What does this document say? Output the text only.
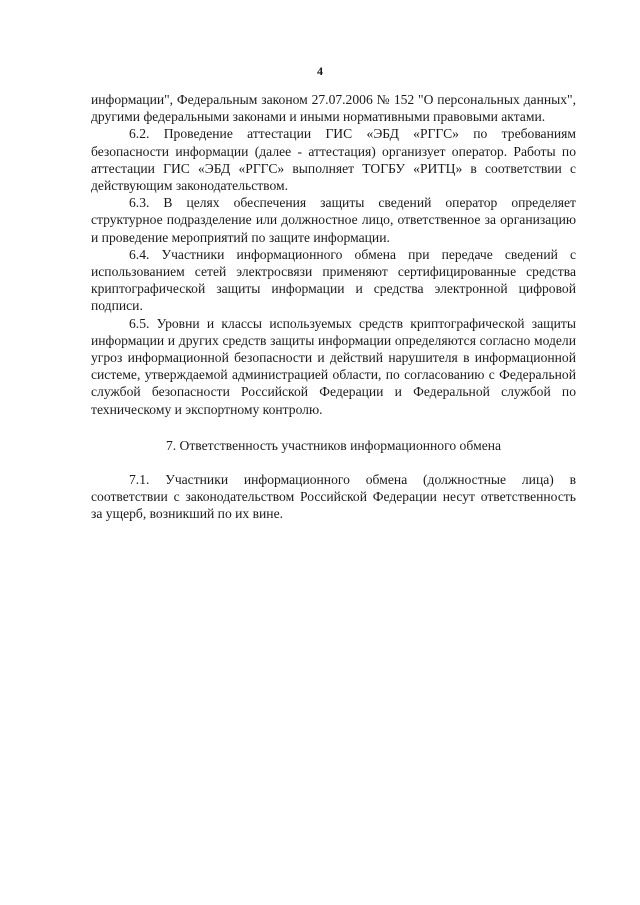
4

информации", Федеральным законом 27.07.2006 № 152 "О персональных данных", другими федеральными законами и иными нормативными правовыми актами.

6.2. Проведение аттестации ГИС «ЭБД «РГГС» по требованиям безопасности информации (далее - аттестация) организует оператор. Работы по аттестации ГИС «ЭБД «РГГС» выполняет ТОГБУ «РИТЦ» в соответствии с действующим законодательством.

6.3. В целях обеспечения защиты сведений оператор определяет структурное подразделение или должностное лицо, ответственное за организацию и проведение мероприятий по защите информации.

6.4. Участники информационного обмена при передаче сведений с использованием сетей электросвязи применяют сертифицированные средства криптографической защиты информации и средства электронной цифровой подписи.

6.5. Уровни и классы используемых средств криптографической защиты информации и других средств защиты информации определяются согласно модели угроз информационной безопасности и действий нарушителя в информационной системе, утверждаемой администрацией области, по согласованию с Федеральной службой безопасности Российской Федерации и Федеральной службой по техническому и экспортному контролю.

7. Ответственность участников информационного обмена

7.1. Участники информационного обмена (должностные лица) в соответствии с законодательством Российской Федерации несут ответственность за ущерб, возникший по их вине.
